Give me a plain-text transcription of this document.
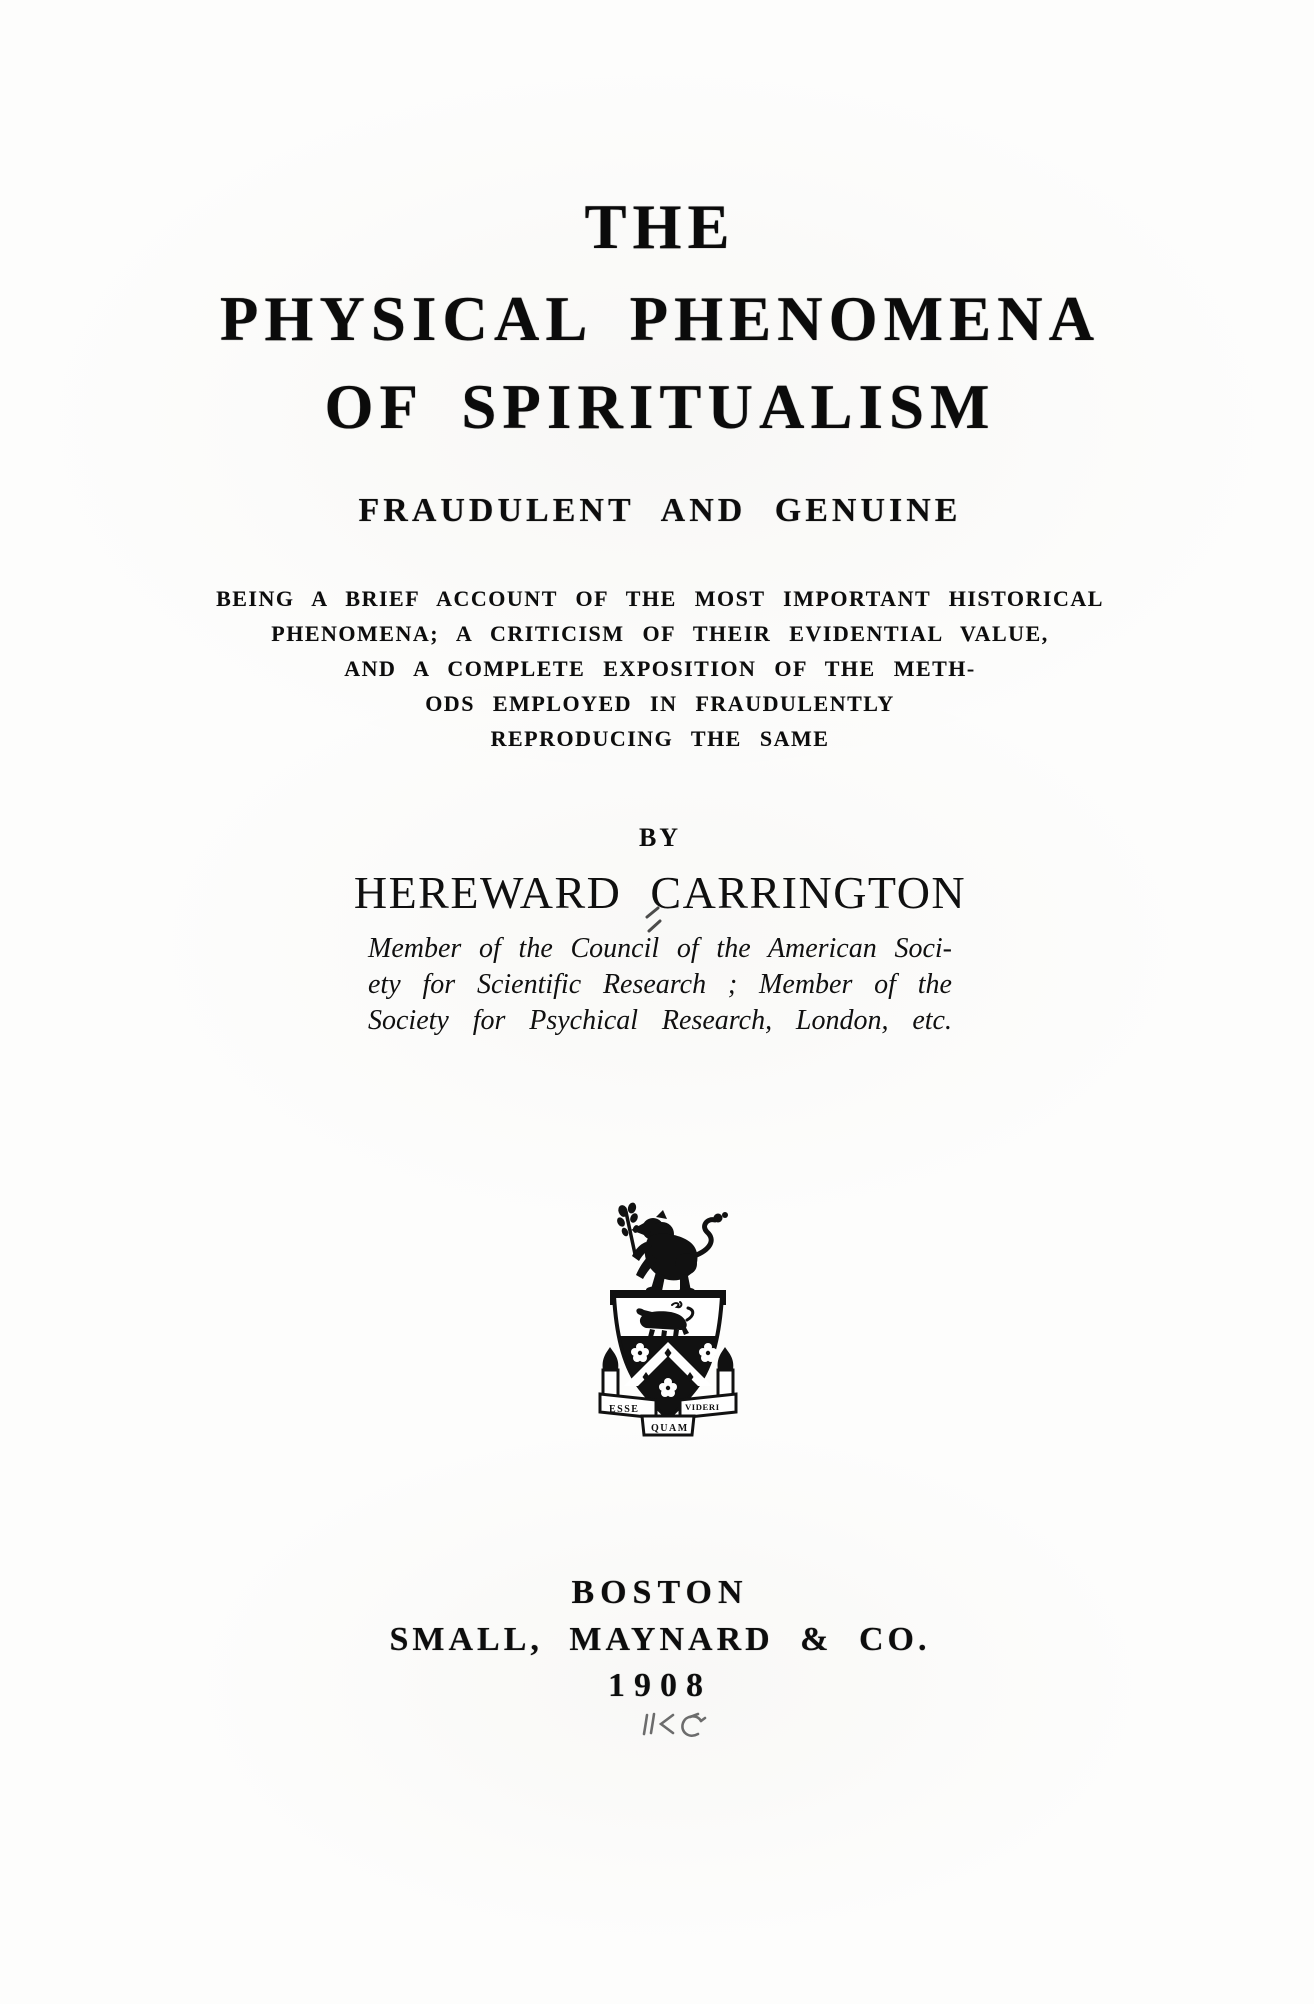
THE
PHYSICAL PHENOMENA
OF SPIRITUALISM
FRAUDULENT AND GENUINE
BEING A BRIEF ACCOUNT OF THE MOST IMPORTANT HISTORICAL
PHENOMENA; A CRITICISM OF THEIR EVIDENTIAL VALUE,
AND A COMPLETE EXPOSITION OF THE METH-
ODS EMPLOYED IN FRAUDULENTLY
REPRODUCING THE SAME
BY
HEREWARD CARRINGTON
Member of the Council of the American Soci-
ety for Scientific Research ; Member of the
Society for Psychical Research, London, etc.
ESSE	VIDERI
QUAM
BOSTON
SMALL, MAYNARD & CO.
1908
